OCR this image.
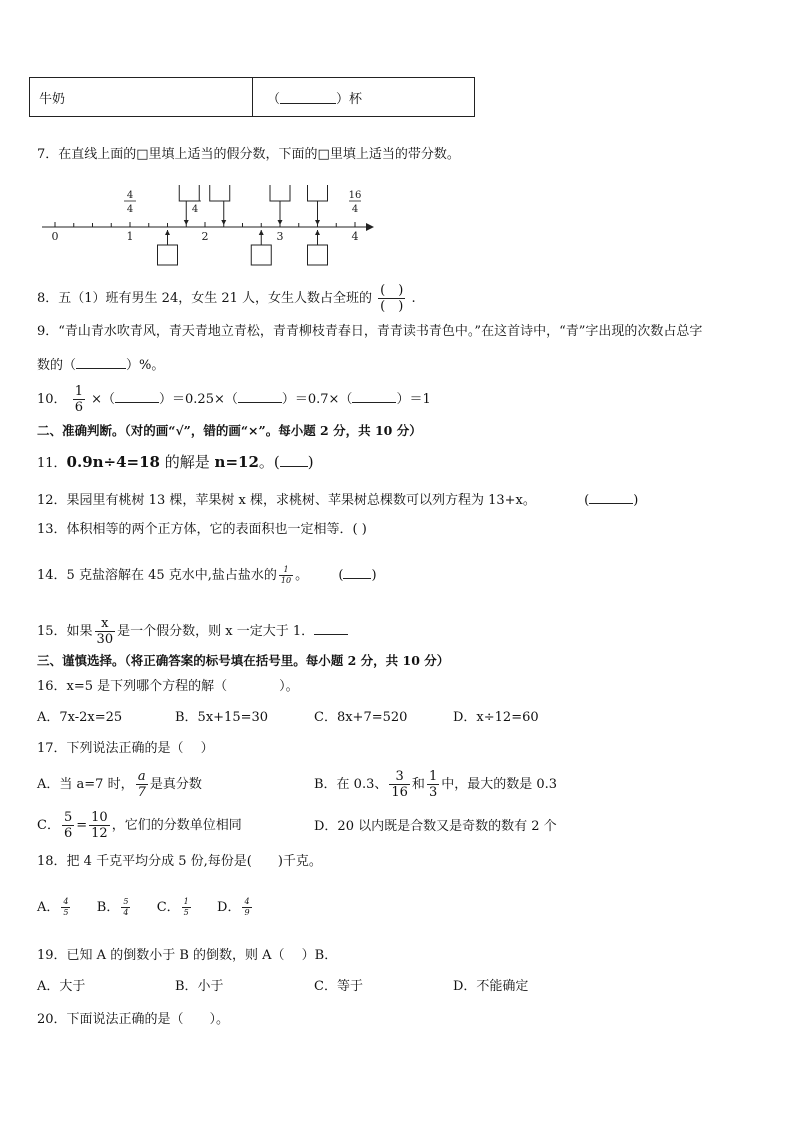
牛奶	（	）杯
7．在直线上面的□里填上适当的假分数，下面的□里填上适当的带分数。
0	1	2	3	4
4
4	4
16
4
8．五（1）班有男生 24，女生 21 人，女生人数占全班的 $\frac{( )}{( )}$ .
9．“青山青水吹青风，青天青地立青松，青青柳枝青春日，青青读书青色中。”在这首诗中，“青”字出现的次数占总字
数的（	）%。
10． $\frac{1}{6}$ ×（	）＝0.25×（	）＝0.7×（	）＝1
二、准确判断。（对的画“√”，错的画“×”。每小题 2 分，共 10 分）
11．0.9n÷4=18 的解是 n=12。( )
12．果园里有桃树 13 棵，苹果树 x 棵，求桃树、苹果树总棵数可以列方程为 13+x。	(	)
13．体积相等的两个正方体，它的表面积也一定相等．( )
14．5 克盐溶解在 45 克水中,盐占盐水的 $\frac{1}{10}$ 。 ( )
15．如果 $\frac{x}{30}$ 是一个假分数，则 x 一定大于 1．
三、谨慎选择。（将正确答案的标号填在括号里。每小题 2 分，共 10 分）
16．x=5 是下列哪个方程的解（　　　　）。
A．7x-2x=25	B．5x+15=30	C．8x+7=520	D．x÷12=60
17．下列说法正确的是（　 ）
A．当 a=7 时， $\frac{a}{7}$ 是真分数	B．在 0.3、 $\frac{3}{16}$ 和 $\frac{1}{3}$ 中，最大的数是 0.3
C． $\frac{5}{6} = \frac{10}{12}$ ，它们的分数单位相同	D．20 以内既是合数又是奇数的数有 2 个
18．把 4 千克平均分成 5 份,每份是(　　)千克。
A． $\frac{4}{5}$ B． $\frac{5}{4}$ C． $\frac{1}{5}$ D． $\frac{4}{9}$
19．已知 A 的倒数小于 B 的倒数，则 A（　 ）B．
A．大于	B．小于	C．等于	D．不能确定
20．下面说法正确的是（　　）。
